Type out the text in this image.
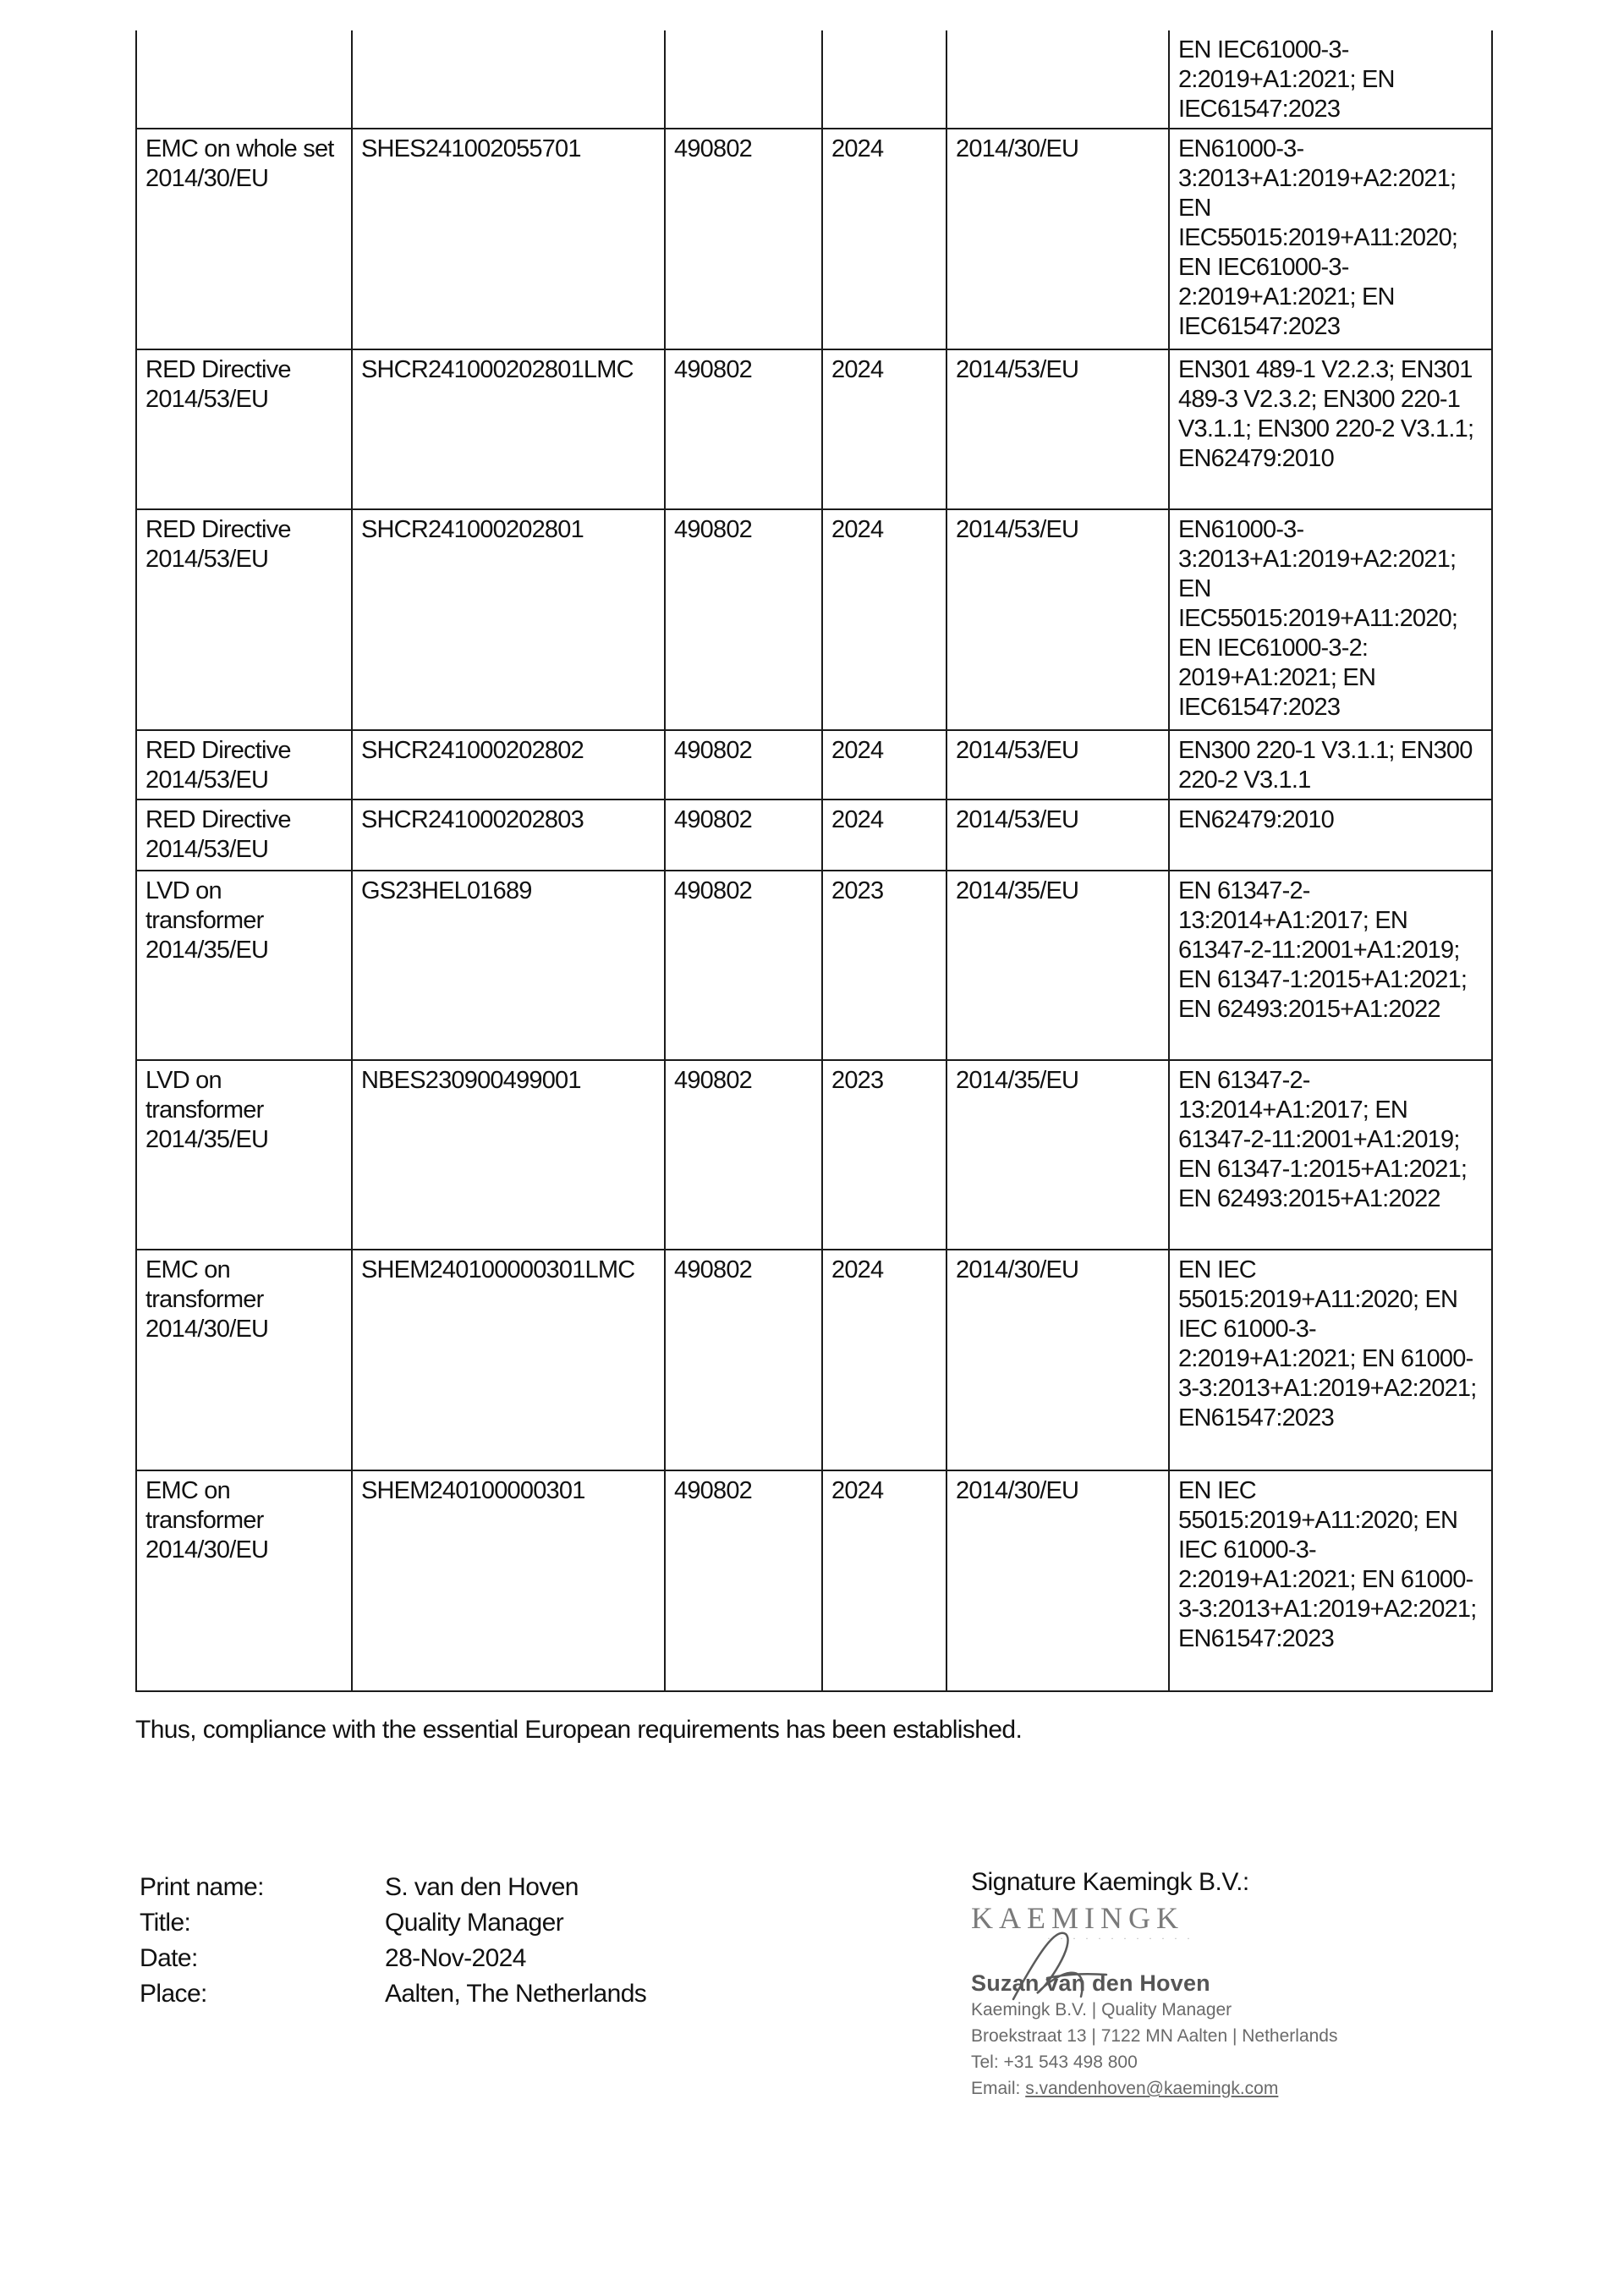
					EN IEC61000-3-2:2019+A1:2021; EN IEC61547:2023
EMC on whole set 2014/30/EU	SHES241002055701	490802	2024	2014/30/EU	EN61000-3-3:2013+A1:2019+A2:2021; EN IEC55015:2019+A11:2020; EN IEC61000-3-2:2019+A1:2021; EN IEC61547:2023
RED Directive 2014/53/EU	SHCR241000202801LMC	490802	2024	2014/53/EU	EN301 489-1 V2.2.3; EN301 489-3 V2.3.2; EN300 220-1 V3.1.1; EN300 220-2 V3.1.1; EN62479:2010
RED Directive 2014/53/EU	SHCR241000202801	490802	2024	2014/53/EU	EN61000-3-3:2013+A1:2019+A2:2021; EN IEC55015:2019+A11:2020; EN IEC61000-3-2: 2019+A1:2021; EN IEC61547:2023
RED Directive 2014/53/EU	SHCR241000202802	490802	2024	2014/53/EU	EN300 220-1 V3.1.1; EN300 220-2 V3.1.1
RED Directive 2014/53/EU	SHCR241000202803	490802	2024	2014/53/EU	EN62479:2010
LVD on transformer 2014/35/EU	GS23HEL01689	490802	2023	2014/35/EU	EN 61347-2-13:2014+A1:2017; EN 61347-2-11:2001+A1:2019; EN 61347-1:2015+A1:2021; EN 62493:2015+A1:2022
LVD on transformer 2014/35/EU	NBES230900499001	490802	2023	2014/35/EU	EN 61347-2-13:2014+A1:2017; EN 61347-2-11:2001+A1:2019; EN 61347-1:2015+A1:2021; EN 62493:2015+A1:2022
EMC on transformer 2014/30/EU	SHEM240100000301LMC	490802	2024	2014/30/EU	EN IEC 55015:2019+A11:2020; EN IEC 61000-3-2:2019+A1:2021; EN 61000-3-3:2013+A1:2019+A2:2021; EN61547:2023
EMC on transformer 2014/30/EU	SHEM240100000301	490802	2024	2014/30/EU	EN IEC 55015:2019+A11:2020; EN IEC 61000-3-2:2019+A1:2021; EN 61000-3-3:2013+A1:2019+A2:2021; EN61547:2023
Thus, compliance with the essential European requirements has been established.
Print name:	S. van den Hoven
Title:	Quality Manager
Date:	28-Nov-2024
Place:	Aalten, The Netherlands
Signature Kaemingk B.V.:
KAEMINGK
· · · · · · · · · · · ·
Suzan van den Hoven
Kaemingk B.V. | Quality Manager
Broekstraat 13 | 7122 MN Aalten | Netherlands
Tel: +31 543 498 800
Email: s.vandenhoven@kaemingk.com
